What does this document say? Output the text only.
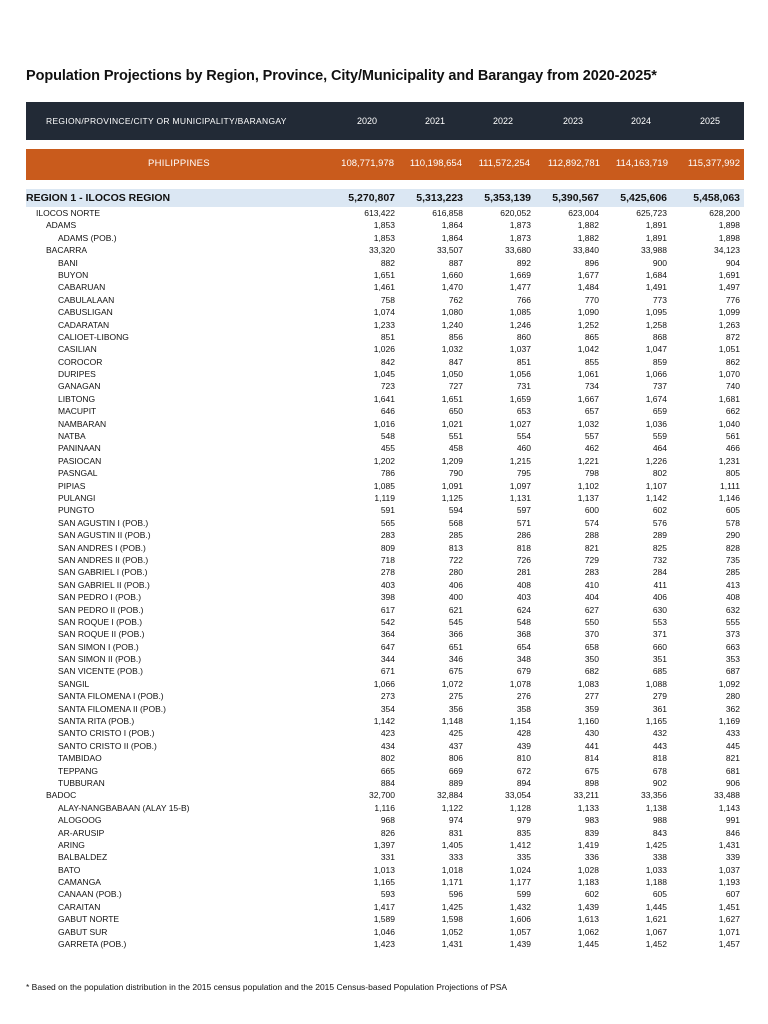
Population Projections by Region, Province, City/Municipality and Barangay from 2020-2025*
REGION/PROVINCE/CITY OR MUNICIPALITY/BARANGAY	2020	2021	2022	2023	2024	2025
PHILIPPINES	108,771,978	110,198,654	111,572,254	112,892,781	114,163,719	115,377,992
REGION 1 - ILOCOS REGION	5,270,807	5,313,223	5,353,139	5,390,567	5,425,606	5,458,063
ILOCOS NORTE	613,422	616,858	620,052	623,004	625,723	628,200
ADAMS	1,853	1,864	1,873	1,882	1,891	1,898
ADAMS (POB.)	1,853	1,864	1,873	1,882	1,891	1,898
BACARRA	33,320	33,507	33,680	33,840	33,988	34,123
BANI	882	887	892	896	900	904
BUYON	1,651	1,660	1,669	1,677	1,684	1,691
CABARUAN	1,461	1,470	1,477	1,484	1,491	1,497
CABULALAAN	758	762	766	770	773	776
CABUSLIGAN	1,074	1,080	1,085	1,090	1,095	1,099
CADARATAN	1,233	1,240	1,246	1,252	1,258	1,263
CALIOET-LIBONG	851	856	860	865	868	872
CASILIAN	1,026	1,032	1,037	1,042	1,047	1,051
COROCOR	842	847	851	855	859	862
DURIPES	1,045	1,050	1,056	1,061	1,066	1,070
GANAGAN	723	727	731	734	737	740
LIBTONG	1,641	1,651	1,659	1,667	1,674	1,681
MACUPIT	646	650	653	657	659	662
NAMBARAN	1,016	1,021	1,027	1,032	1,036	1,040
NATBA	548	551	554	557	559	561
PANINAAN	455	458	460	462	464	466
PASIOCAN	1,202	1,209	1,215	1,221	1,226	1,231
PASNGAL	786	790	795	798	802	805
PIPIAS	1,085	1,091	1,097	1,102	1,107	1,111
PULANGI	1,119	1,125	1,131	1,137	1,142	1,146
PUNGTO	591	594	597	600	602	605
SAN AGUSTIN I (POB.)	565	568	571	574	576	578
SAN AGUSTIN II (POB.)	283	285	286	288	289	290
SAN ANDRES I (POB.)	809	813	818	821	825	828
SAN ANDRES II (POB.)	718	722	726	729	732	735
SAN GABRIEL I (POB.)	278	280	281	283	284	285
SAN GABRIEL II (POB.)	403	406	408	410	411	413
SAN PEDRO I (POB.)	398	400	403	404	406	408
SAN PEDRO II (POB.)	617	621	624	627	630	632
SAN ROQUE I (POB.)	542	545	548	550	553	555
SAN ROQUE II (POB.)	364	366	368	370	371	373
SAN SIMON I (POB.)	647	651	654	658	660	663
SAN SIMON II (POB.)	344	346	348	350	351	353
SAN VICENTE (POB.)	671	675	679	682	685	687
SANGIL	1,066	1,072	1,078	1,083	1,088	1,092
SANTA FILOMENA I (POB.)	273	275	276	277	279	280
SANTA FILOMENA II (POB.)	354	356	358	359	361	362
SANTA RITA (POB.)	1,142	1,148	1,154	1,160	1,165	1,169
SANTO CRISTO I (POB.)	423	425	428	430	432	433
SANTO CRISTO II (POB.)	434	437	439	441	443	445
TAMBIDAO	802	806	810	814	818	821
TEPPANG	665	669	672	675	678	681
TUBBURAN	884	889	894	898	902	906
BADOC	32,700	32,884	33,054	33,211	33,356	33,488
ALAY-NANGBABAAN (ALAY 15-B)	1,116	1,122	1,128	1,133	1,138	1,143
ALOGOOG	968	974	979	983	988	991
AR-ARUSIP	826	831	835	839	843	846
ARING	1,397	1,405	1,412	1,419	1,425	1,431
BALBALDEZ	331	333	335	336	338	339
BATO	1,013	1,018	1,024	1,028	1,033	1,037
CAMANGA	1,165	1,171	1,177	1,183	1,188	1,193
CANAAN (POB.)	593	596	599	602	605	607
CARAITAN	1,417	1,425	1,432	1,439	1,445	1,451
GABUT NORTE	1,589	1,598	1,606	1,613	1,621	1,627
GABUT SUR	1,046	1,052	1,057	1,062	1,067	1,071
GARRETA (POB.)	1,423	1,431	1,439	1,445	1,452	1,457
* Based on the population distribution in the 2015 census population and the 2015 Census-based Population Projections of PSA
